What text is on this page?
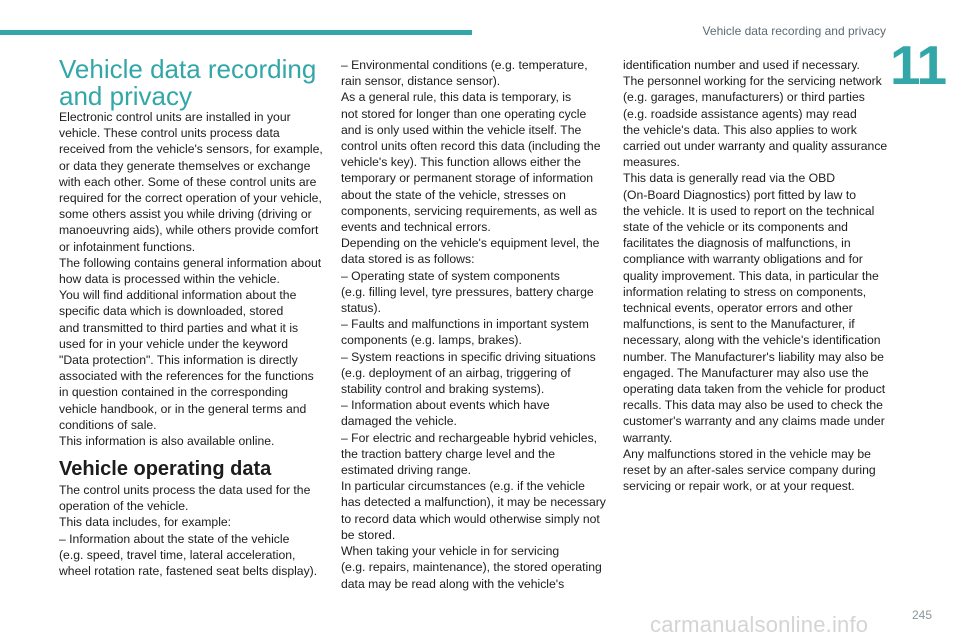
Vehicle data recording and privacy
11
Vehicle data recording
and privacy

Electronic control units are installed in your
vehicle. These control units process data
received from the vehicle's sensors, for example,
or data they generate themselves or exchange
with each other. Some of these control units are
required for the correct operation of your vehicle,
some others assist you while driving (driving or
manoeuvring aids), while others provide comfort
or infotainment functions.
The following contains general information about
how data is processed within the vehicle.
You will find additional information about the
specific data which is downloaded, stored
and transmitted to third parties and what it is
used for in your vehicle under the keyword
"Data protection". This information is directly
associated with the references for the functions
in question contained in the corresponding
vehicle handbook, or in the general terms and
conditions of sale.
This information is also available online.

Vehicle operating data

The control units process the data used for the
operation of the vehicle.
This data includes, for example:
– Information about the state of the vehicle
(e.g. speed, travel time, lateral acceleration,
wheel rotation rate, fastened seat belts display).

– Environmental conditions (e.g. temperature,
rain sensor, distance sensor).
As a general rule, this data is temporary, is
not stored for longer than one operating cycle
and is only used within the vehicle itself. The
control units often record this data (including the
vehicle's key). This function allows either the
temporary or permanent storage of information
about the state of the vehicle, stresses on
components, servicing requirements, as well as
events and technical errors.
Depending on the vehicle's equipment level, the
data stored is as follows:
– Operating state of system components
(e.g. filling level, tyre pressures, battery charge
status).
– Faults and malfunctions in important system
components (e.g. lamps, brakes).
– System reactions in specific driving situations
(e.g. deployment of an airbag, triggering of
stability control and braking systems).
– Information about events which have
damaged the vehicle.
– For electric and rechargeable hybrid vehicles,
the traction battery charge level and the
estimated driving range.
In particular circumstances (e.g. if the vehicle
has detected a malfunction), it may be necessary
to record data which would otherwise simply not
be stored.
When taking your vehicle in for servicing
(e.g. repairs, maintenance), the stored operating
data may be read along with the vehicle's

identification number and used if necessary.
The personnel working for the servicing network
(e.g. garages, manufacturers) or third parties
(e.g. roadside assistance agents) may read
the vehicle's data. This also applies to work
carried out under warranty and quality assurance
measures.
This data is generally read via the OBD
(On-Board Diagnostics) port fitted by law to
the vehicle. It is used to report on the technical
state of the vehicle or its components and
facilitates the diagnosis of malfunctions, in
compliance with warranty obligations and for
quality improvement. This data, in particular the
information relating to stress on components,
technical events, operator errors and other
malfunctions, is sent to the Manufacturer, if
necessary, along with the vehicle's identification
number. The Manufacturer's liability may also be
engaged. The Manufacturer may also use the
operating data taken from the vehicle for product
recalls. This data may also be used to check the
customer's warranty and any claims made under
warranty.
Any malfunctions stored in the vehicle may be
reset by an after-sales service company during
servicing or repair work, or at your request.

carmanualsonline.info	245
